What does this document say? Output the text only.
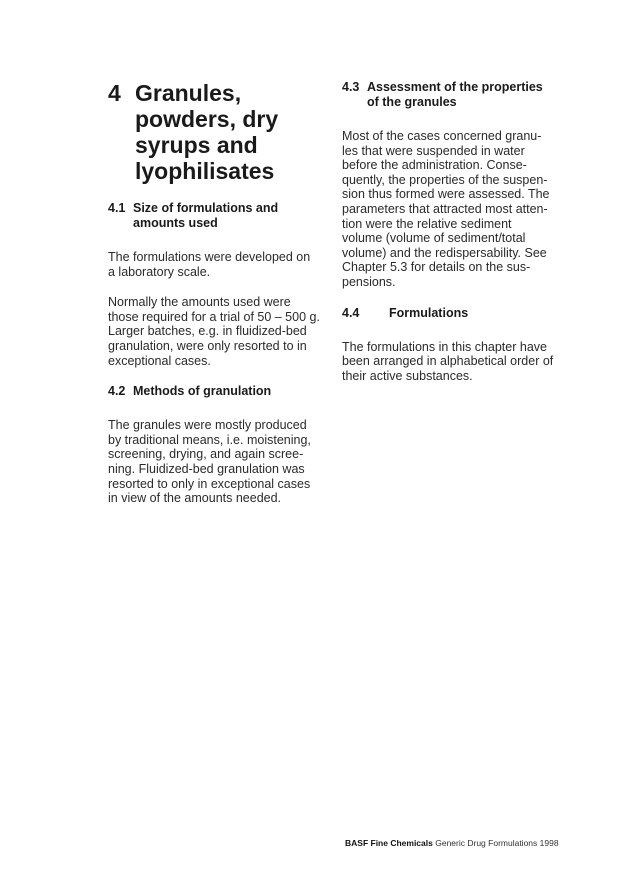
4 Granules,
powders, dry
syrups and
lyophilisates
4.1 Size of formulations and
amounts used

The formulations were developed on
a laboratory scale.

Normally the amounts used were
those required for a trial of 50 – 500 g.
Larger batches, e.g. in fluidized-bed
granulation, were only resorted to in
exceptional cases.

4.2 Methods of granulation

The granules were mostly produced
by traditional means, i.e. moistening,
screening, drying, and again scree-
ning. Fluidized-bed granulation was
resorted to only in exceptional cases
in view of the amounts needed.

4.3 Assessment of the properties
of the granules

Most of the cases concerned granu-
les that were suspended in water
before the administration. Conse-
quently, the properties of the suspen-
sion thus formed were assessed. The
parameters that attracted most atten-
tion were the relative sediment
volume (volume of sediment/total
volume) and the redispersability. See
Chapter 5.3 for details on the sus-
pensions.

4.4 Formulations

The formulations in this chapter have
been arranged in alphabetical order of
their active substances.

BASF Fine Chemicals Generic Drug Formulations 1998
